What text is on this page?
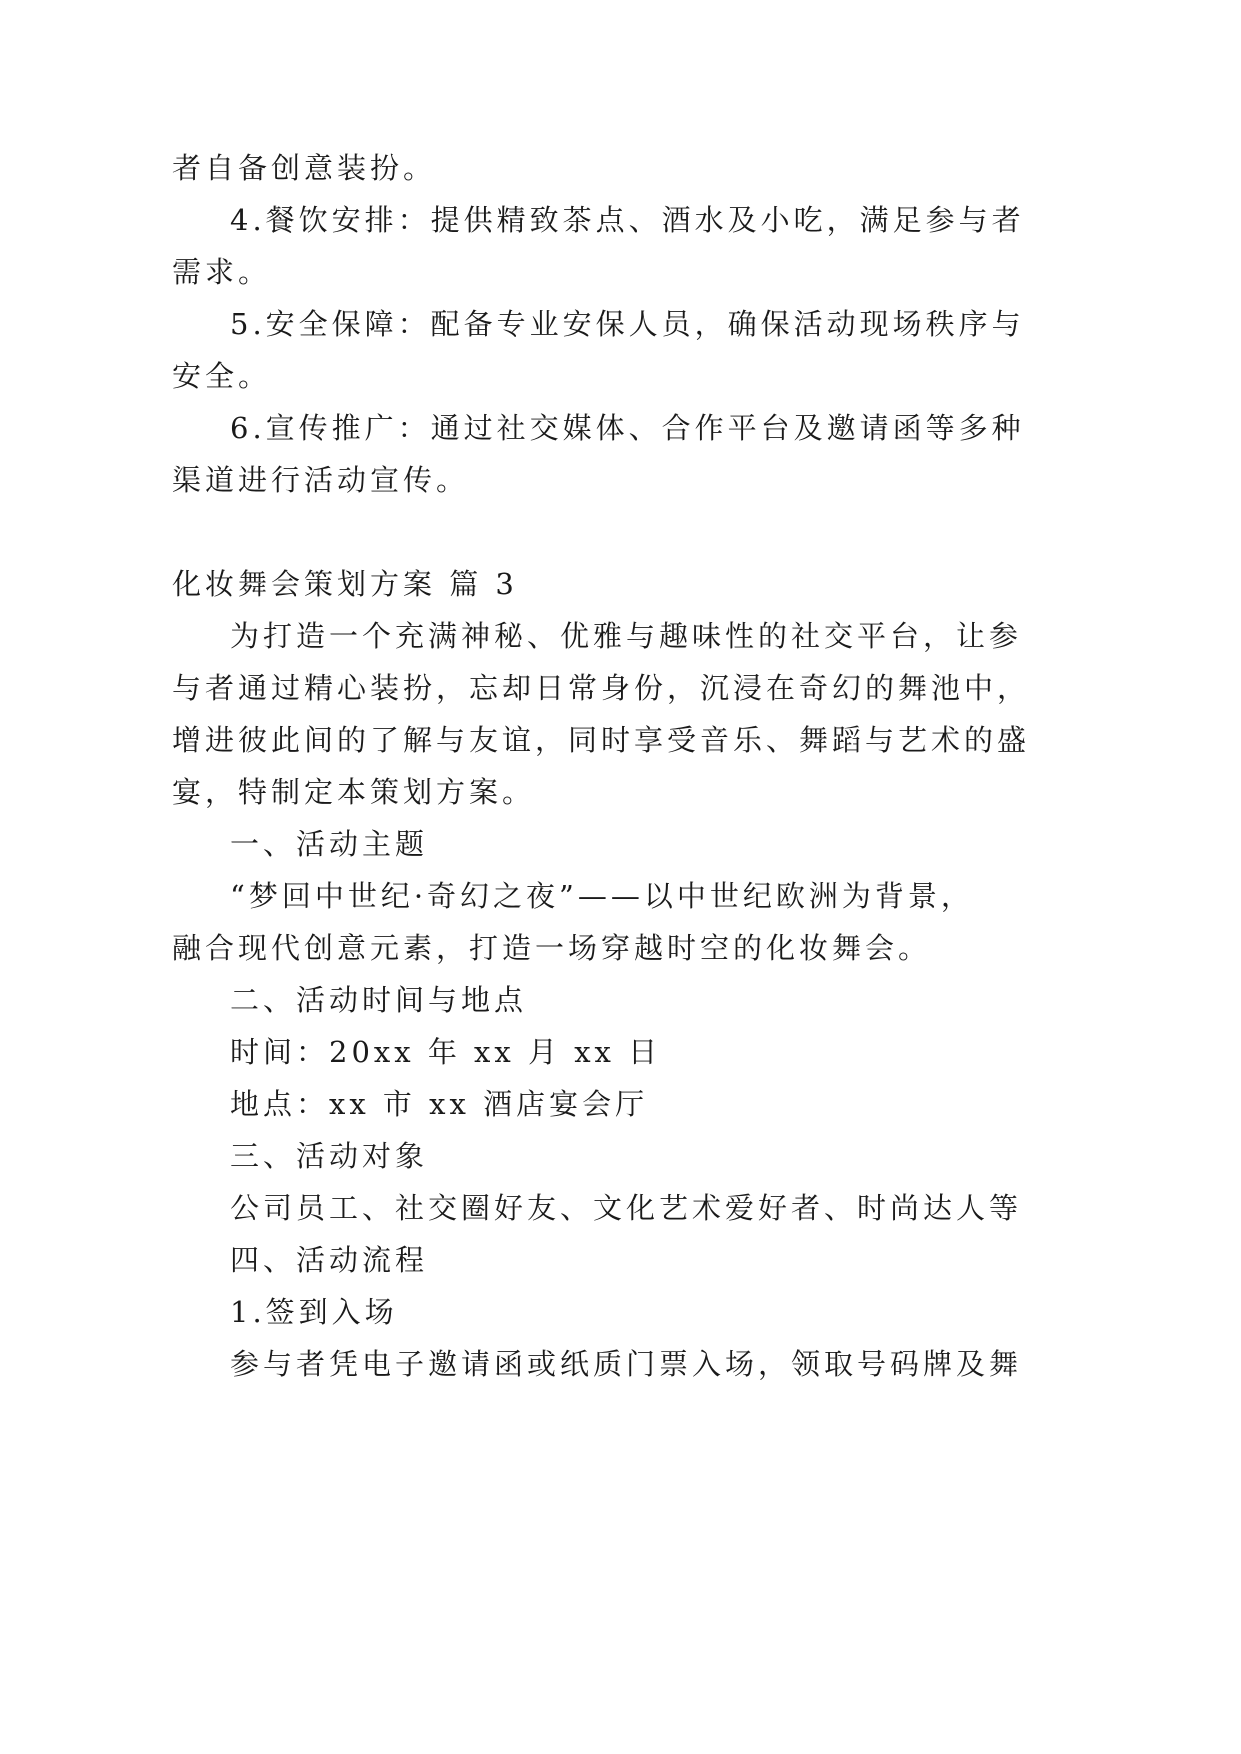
者自备创意装扮。
4.餐饮安排：提供精致茶点、酒水及小吃，满足参与者
需求。
5.安全保障：配备专业安保人员，确保活动现场秩序与
安全。
6.宣传推广：通过社交媒体、合作平台及邀请函等多种
渠道进行活动宣传。
化妆舞会策划方案 篇 3
为打造一个充满神秘、优雅与趣味性的社交平台，让参
与者通过精心装扮，忘却日常身份，沉浸在奇幻的舞池中，
增进彼此间的了解与友谊，同时享受音乐、舞蹈与艺术的盛
宴，特制定本策划方案。
一、活动主题
“梦回中世纪·奇幻之夜”——以中世纪欧洲为背景，
融合现代创意元素，打造一场穿越时空的化妆舞会。
二、活动时间与地点
时间：20xx 年 xx 月 xx 日
地点：xx 市 xx 酒店宴会厅
三、活动对象
公司员工、社交圈好友、文化艺术爱好者、时尚达人等
四、活动流程
1.签到入场
参与者凭电子邀请函或纸质门票入场，领取号码牌及舞
